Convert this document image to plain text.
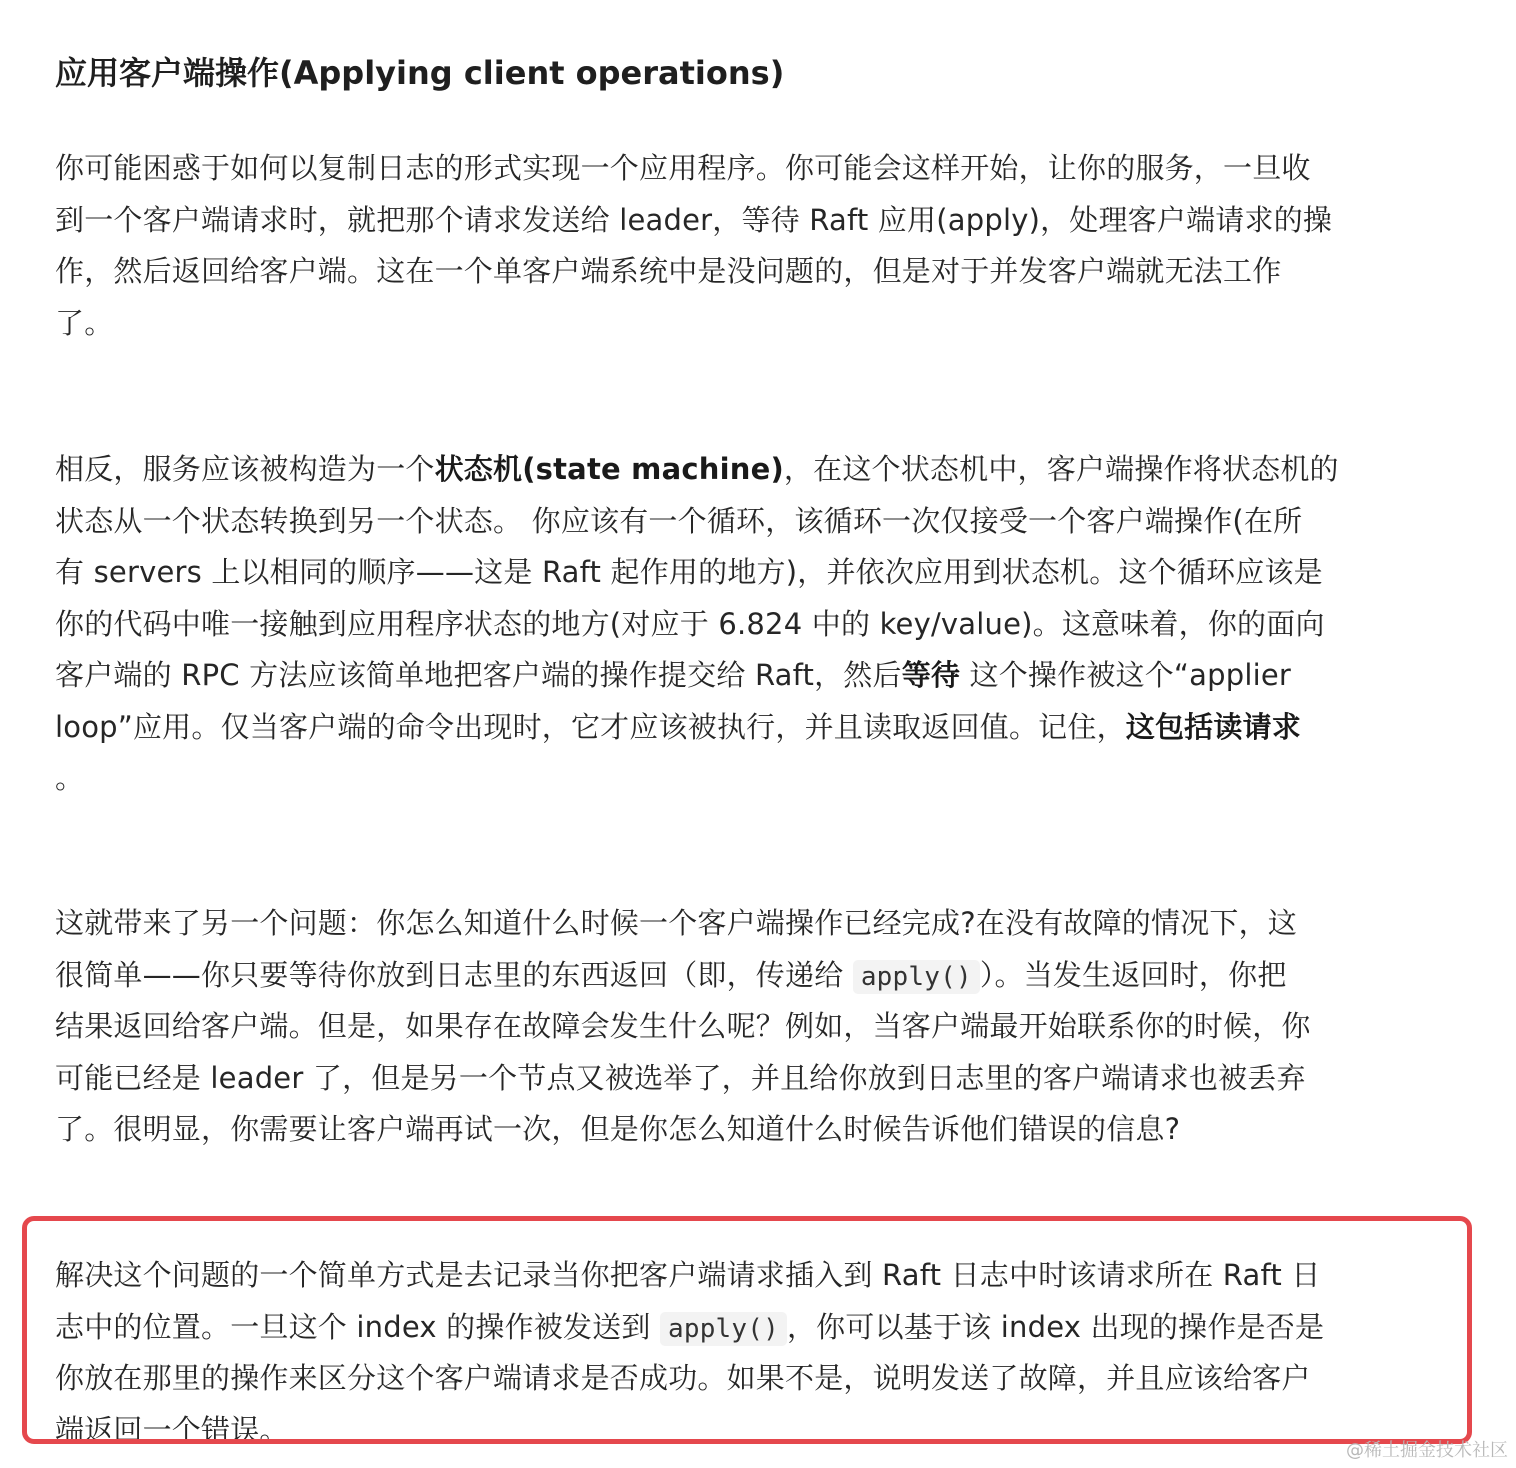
应用客户端操作(Applying client operations)
你可能困惑于如何以复制日志的形式实现一个应用程序。你可能会这样开始，让你的服务，一旦收
到一个客户端请求时，就把那个请求发送给 leader，等待 Raft 应用(apply)，处理客户端请求的操
作，然后返回给客户端。这在一个单客户端系统中是没问题的，但是对于并发客户端就无法工作
了。
相反，服务应该被构造为一个状态机(state machine)，在这个状态机中，客户端操作将状态机的
状态从一个状态转换到另一个状态。 你应该有一个循环，该循环一次仅接受一个客户端操作(在所
有 servers 上以相同的顺序——这是 Raft 起作用的地方)，并依次应用到状态机。这个循环应该是
你的代码中唯一接触到应用程序状态的地方(对应于 6.824 中的 key/value)。这意味着，你的面向
客户端的 RPC 方法应该简单地把客户端的操作提交给 Raft，然后等待 这个操作被这个“applier
loop”应用。仅当客户端的命令出现时，它才应该被执行，并且读取返回值。记住，这包括读请求
。
这就带来了另一个问题：你怎么知道什么时候一个客户端操作已经完成?在没有故障的情况下，这
很简单——你只要等待你放到日志里的东西返回（即，传递给 apply() ）。当发生返回时，你把
结果返回给客户端。但是，如果存在故障会发生什么呢？例如，当客户端最开始联系你的时候，你
可能已经是 leader 了，但是另一个节点又被选举了，并且给你放到日志里的客户端请求也被丢弃
了。很明显，你需要让客户端再试一次，但是你怎么知道什么时候告诉他们错误的信息?
解决这个问题的一个简单方式是去记录当你把客户端请求插入到 Raft 日志中时该请求所在 Raft 日
志中的位置。一旦这个 index 的操作被发送到 apply() ，你可以基于该 index 出现的操作是否是
你放在那里的操作来区分这个客户端请求是否成功。如果不是，说明发送了故障，并且应该给客户
端返回一个错误。
@稀土掘金技术社区
